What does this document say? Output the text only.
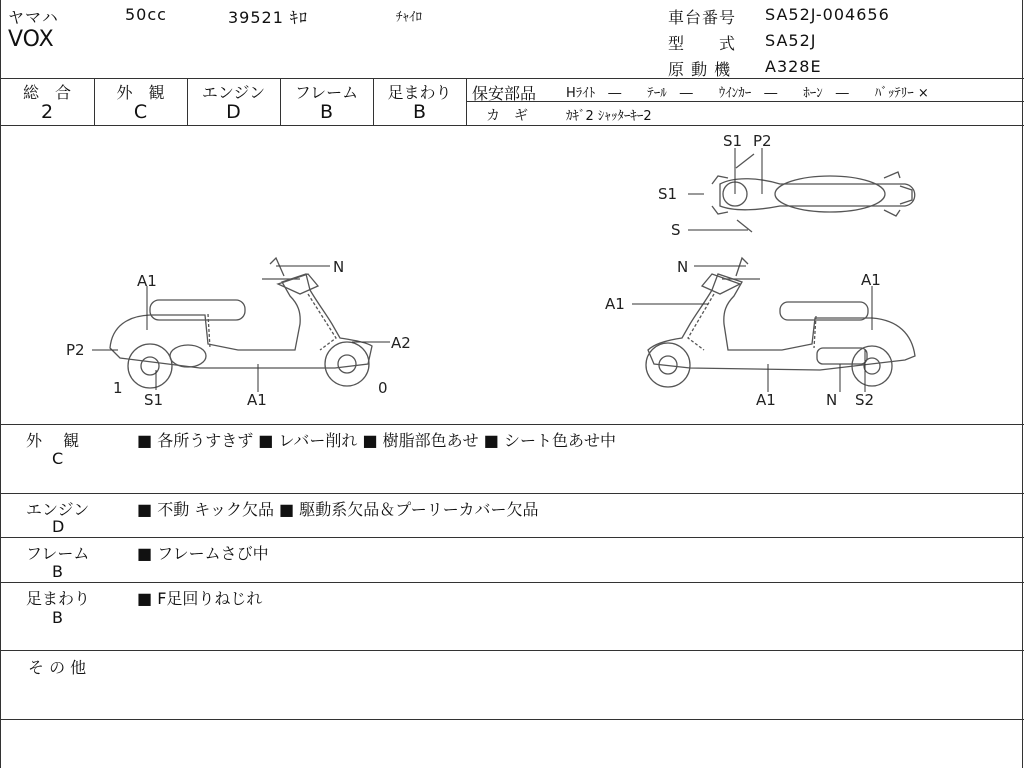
ヤマハ	50cc	39521 ｷﾛ	ﾁｬｲﾛ
VOX
車台番号 SA52J-004656
型　　式 SA52J
原 動 機 A328E
総　合
2
外　観
C
エンジン
D
フレーム
B
足まわり
B
保安部品 Hﾗｲﾄ　―　　ﾃｰﾙ　―　　ｳｲﾝｶｰ　―　　ﾎｰﾝ　―　　ﾊﾞｯﾃﾘｰ ×
カ　ギ	ｶｷﾞ2 ｼｬｯﾀｰｷｰ2
A1
P2
N
A2
1
S1	A1
0
S1 P2
S1
S
N
A1
A1
A1	N S2
外　 観
C
■ 各所うすきず ■ レバー削れ ■ 樹脂部色あせ ■ シート色あせ中
エンジン
D
■ 不動 キック欠品 ■ 駆動系欠品＆プーリーカバー欠品
フレーム
B
■ フレームさび中
足まわり
B
■ F足回りねじれ
そ の 他
